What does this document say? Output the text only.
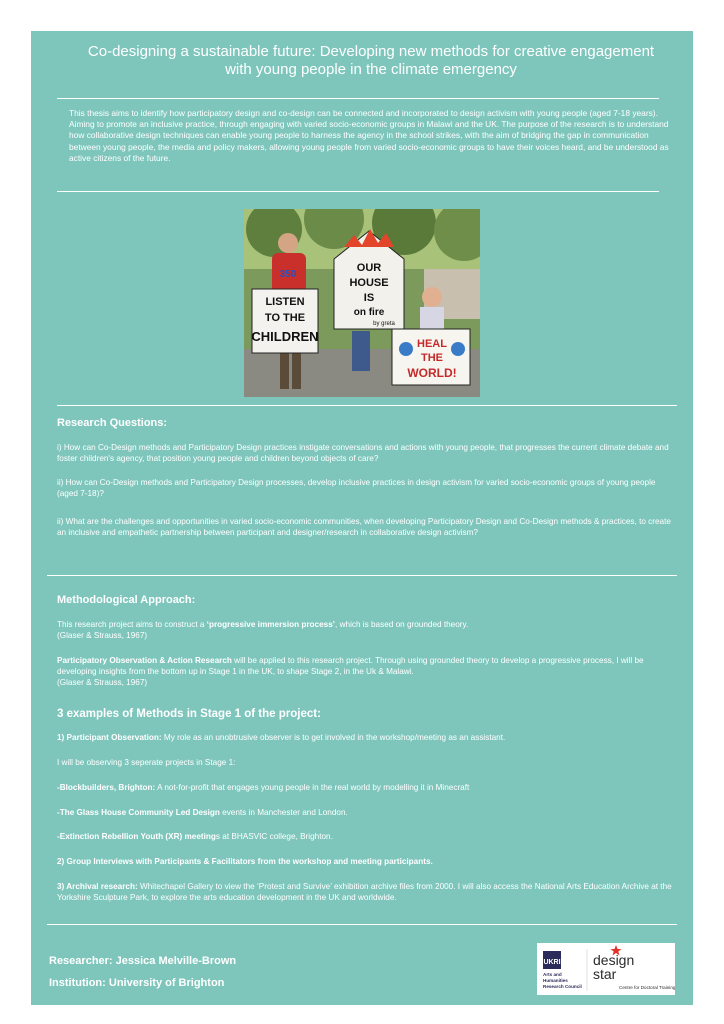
Co-designing a sustainable future: Developing new methods for creative engagement
with young people in the climate emergency
This thesis aims to identify how participatory design and co-design can be connected and incorporated to design activism with young people (aged 7-18 years). Aiming to promote an inclusive practice, through engaging with varied socio-economic groups in Malawi and the UK. The purpose of the research is to understand how collaborative design techniques can enable young people to harness the agency in the school strikes, with the aim of bridging the gap in communication between young people, the media and policy makers, allowing young people from varied socio-economic groups to have their voices heard, and be understood as active citizens of the future.
LISTEN
TO THE
CHILDREN
350
OUR
HOUSE
IS
on fire
by greta
HEAL
THE
WORLD!
Research Questions:
i) How can Co-Design methods and Participatory Design practices instigate conversations and actions with young people, that progresses the current climate debate and foster children's agency, that position young people and children beyond objects of care?
ii) How can Co-Design methods and Participatory Design processes, develop inclusive practices in design activism for varied socio-economic groups of young people (aged 7-18)?
ii) What are the challenges and opportunities in varied socio-economic communities, when developing Participatory Design and Co-Design methods & practices, to create an inclusive and empathetic partnership between participant and designer/research in collaborative design activism?
Methodological Approach:
This research project aims to construct a ‘progressive immersion process’, which is based on grounded theory.
(Glaser & Strauss, 1967)
Participatory Observation & Action Research will be applied to this research project. Through using grounded theory to develop a progressive process, I will be developing insights from the bottom up in Stage 1 in the UK, to shape Stage 2, in the Uk & Malawi.
(Glaser & Strauss, 1967)
3 examples of Methods in Stage 1 of the project:
1) Participant Observation: My role as an unobtrusive observer is to get involved in the workshop/meeting as an assistant.
I will be observing 3 seperate projects in Stage 1:
-Blockbuilders, Brighton: A not-for-profit that engages young people in the real world by modelling it in Minecraft
-The Glass House Community Led Design events in Manchester and London.
-Extinction Rebellion Youth (XR) meetings at BHASVIC college, Brighton.
2) Group Interviews with Participants & Facilitators from the workshop and meeting participants.
3) Archival research: Whitechapel Gallery to view the ‘Protest and Survive’ exhibition archive files from 2000. I will also access the National Arts Education Archive at the Yorkshire Sculpture Park, to explore the arts education development in the UK and worldwide.
Researcher: Jessica Melville-Brown
Institution: University of Brighton
UKRI
Arts and
Humanities
Research Council
design
star
Centre for Doctoral Training
